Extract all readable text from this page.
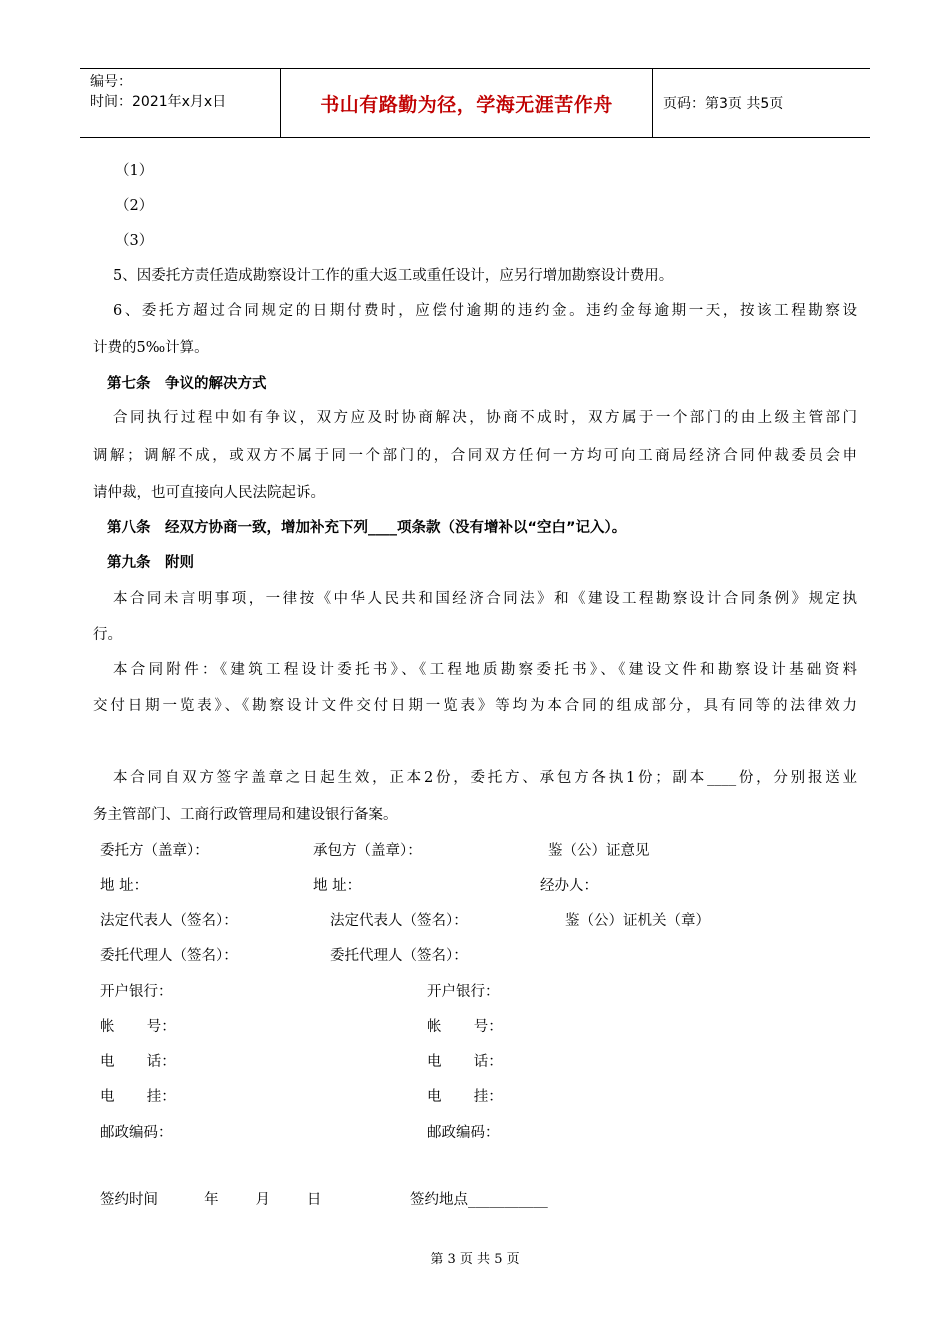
编号：
时间：2021年x月x日	书山有路勤为径，学海无涯苦作舟	页码：第3页 共5页
（1）
（2）
（3）
5、因委托方责任造成勘察设计工作的重大返工或重任设计，应另行增加勘察设计费用。
6、委托方超过合同规定的日期付费时，应偿付逾期的违约金。违约金每逾期一天，按该工程勘察设
计费的5‰计算。
第七条　争议的解决方式
合同执行过程中如有争议，双方应及时协商解决，协商不成时，双方属于一个部门的由上级主管部门
调解；调解不成，或双方不属于同一个部门的，合同双方任何一方均可向工商局经济合同仲裁委员会申
请仲裁，也可直接向人民法院起诉。
第八条　经双方协商一致，增加补充下列____项条款（没有增补以“空白”记入）。
第九条　附则
本合同未言明事项，一律按《中华人民共和国经济合同法》和《建设工程勘察设计合同条例》规定执
行。
本合同附件：《建筑工程设计委托书》、《工程地质勘察委托书》、《建设文件和勘察设计基础资料
交付日期一览表》、《勘察设计文件交付日期一览表》等均为本合同的组成部分，具有同等的法律效力
本合同自双方签字盖章之日起生效，正本2份，委托方、承包方各执1份；副本____份，分别报送业
务主管部门、工商行政管理局和建设银行备案。
委托方（盖章）：	承包方（盖章）：	鉴（公）证意见
地 址：	地 址：	经办人：
法定代表人（签名）：	法定代表人（签名）：	鉴（公）证机关（章）
委托代理人（签名）：	委托代理人（签名）：
开户银行：	开户银行：
帐       号：	帐       号：
电       话：	电       话：
电       挂：	电       挂：
邮政编码：	邮政编码：
签约时间          年        月        日	签约地点___________
第 3 页 共 5 页
